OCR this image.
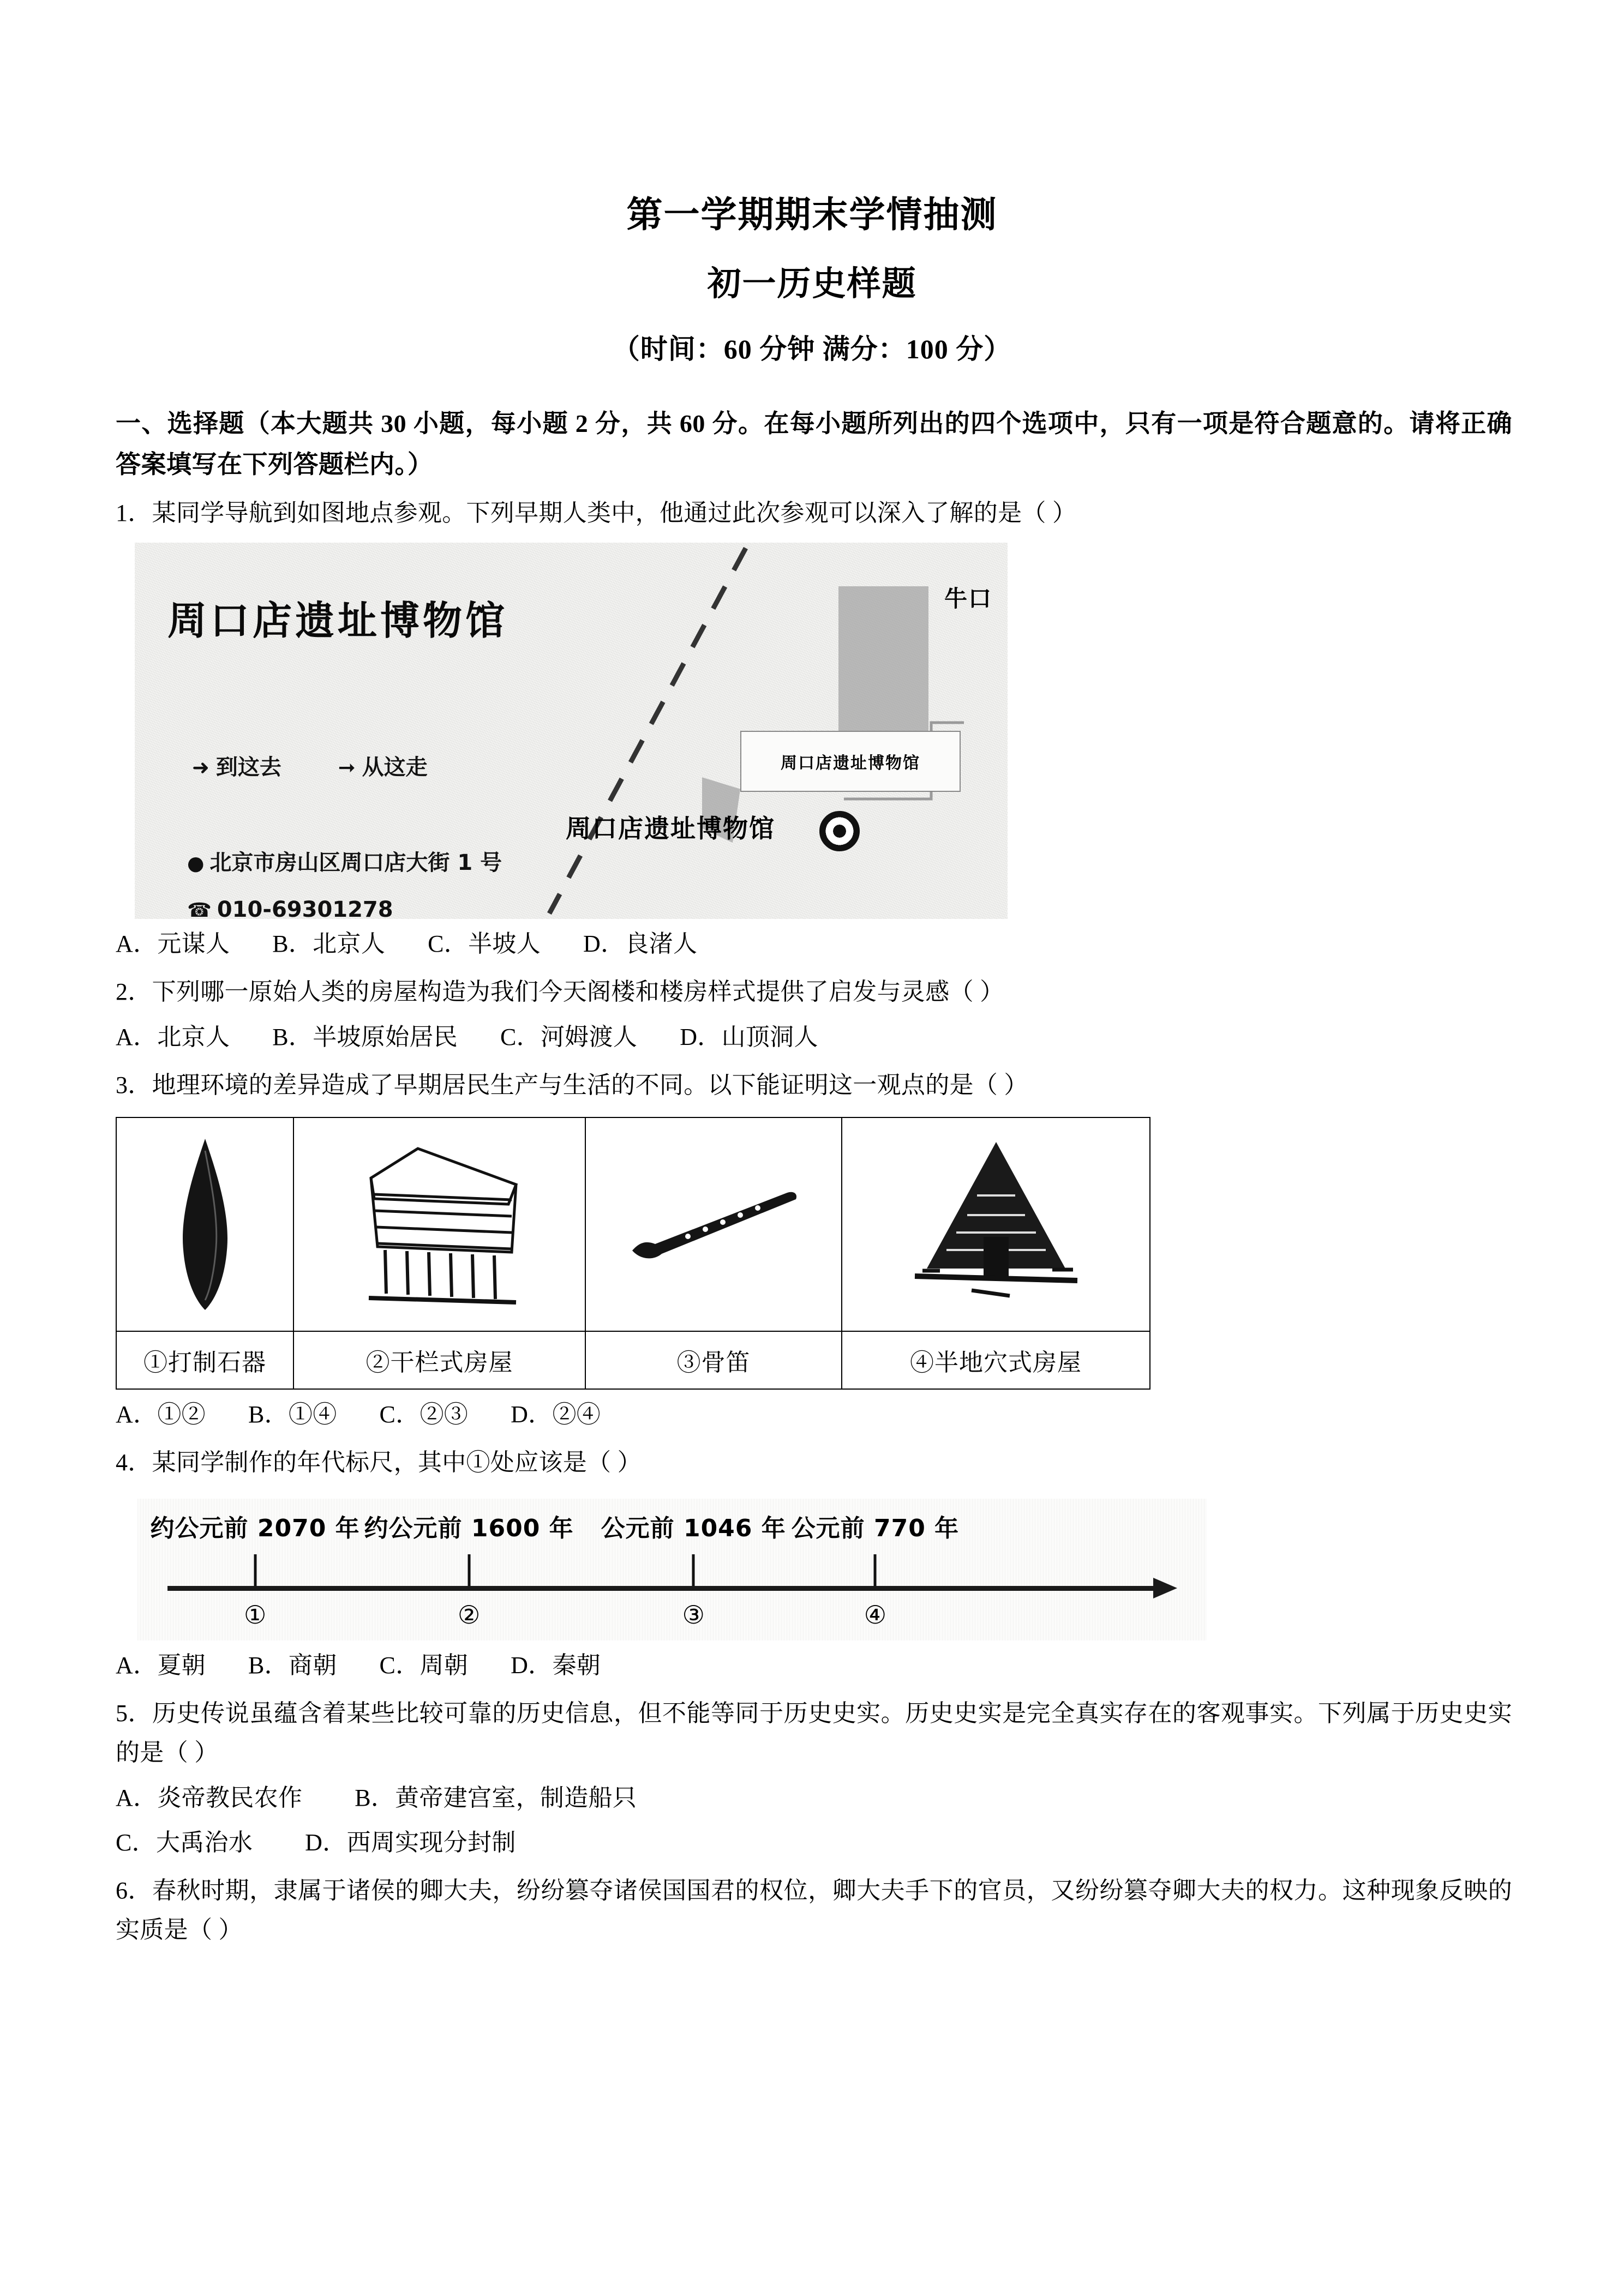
第一学期期末学情抽测
初一历史样题
（时间：60 分钟 满分：100 分）

一、选择题（本大题共 30 小题，每小题 2 分，共 60 分。在每小题所列出的四个选项中，只有一项是符合题意的。请将正确答案填写在下列答题栏内。）

1．某同学导航到如图地点参观。下列早期人类中，他通过此次参观可以深入了解的是（ ）

周口店遗址博物馆
➜ 到这去	➞ 从这走
● 北京市房山区周口店大街 1 号
☎ 010-69301278
周口店遗址博物馆
周口店遗址博物馆
牛口

A．元谋人 B．北京人 C．半坡人 D．良渚人

2．下列哪一原始人类的房屋构造为我们今天阁楼和楼房样式提供了启发与灵感（ ）

A．北京人 B．半坡原始居民 C．河姆渡人 D．山顶洞人

3．地理环境的差异造成了早期居民生产与生活的不同。以下能证明这一观点的是（ ）

①打制石器	②干栏式房屋	③骨笛	④半地穴式房屋

A．①② B．①④ C．②③ D．②④

4．某同学制作的年代标尺，其中①处应该是（ ）

约公元前 2070 年 约公元前 1600 年 公元前 1046 年 公元前 770 年
①	②	③	④

A．夏朝 B．商朝 C．周朝 D．秦朝

5．历史传说虽蕴含着某些比较可靠的历史信息，但不能等同于历史史实。历史史实是完全真实存在的客观事实。下列属于历史史实的是（ ）

A．炎帝教民农作 B．黄帝建宫室，制造船只

C．大禹治水 D．西周实现分封制

6．春秋时期，隶属于诸侯的卿大夫，纷纷篡夺诸侯国国君的权位，卿大夫手下的官员，又纷纷篡夺卿大夫的权力。这种现象反映的实质是（ ）
